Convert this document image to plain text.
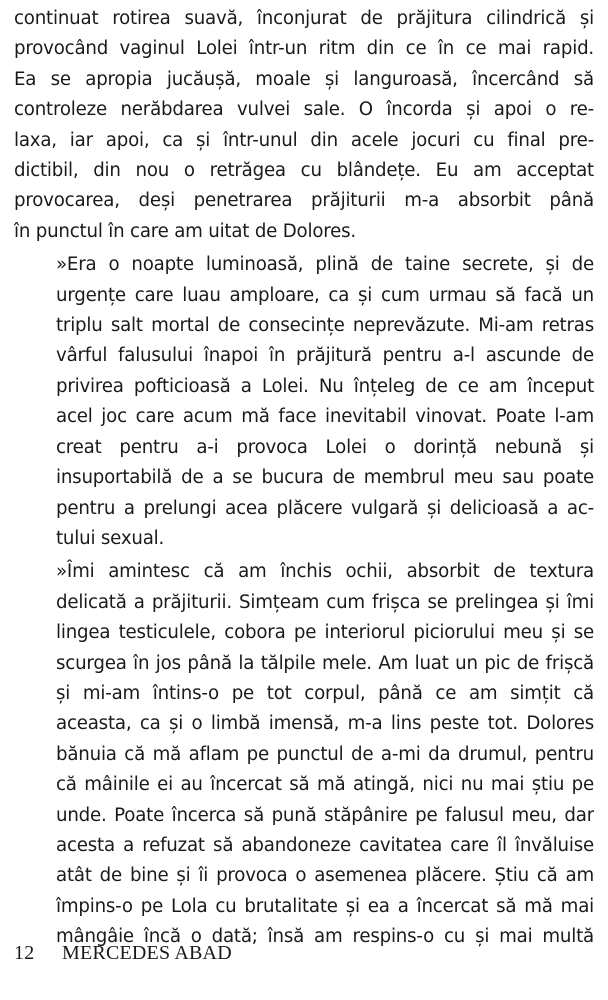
continuat rotirea suavă, înconjurat de prăjitura cilindrică și
provocând vaginul Lolei într-un ritm din ce în ce mai rapid.
Ea se apropia jucăușă, moale și languroasă, încercând să
controleze nerăbdarea vulvei sale. O încorda și apoi o re-
laxa, iar apoi, ca și într-unul din acele jocuri cu final pre-
dictibil, din nou o retrăgea cu blândețe. Eu am acceptat
provocarea, deși penetrarea prăjiturii m-a absorbit până
în punctul în care am uitat de Dolores.
»Era o noapte luminoasă, plină de taine secrete, și de
urgențe care luau amploare, ca și cum urmau să facă un
triplu salt mortal de consecințe neprevăzute. Mi-am retras
vârful falusului înapoi în prăjitură pentru a-l ascunde de
privirea pofticioasă a Lolei. Nu înțeleg de ce am început
acel joc care acum mă face inevitabil vinovat. Poate l-am
creat pentru a-i provoca Lolei o dorință nebună și
insuportabilă de a se bucura de membrul meu sau poate
pentru a prelungi acea plăcere vulgară și delicioasă a ac-
tului sexual.
»Îmi amintesc că am închis ochii, absorbit de textura
delicată a prăjiturii. Simțeam cum frișca se prelingea și îmi
lingea testiculele, cobora pe interiorul piciorului meu și se
scurgea în jos până la tălpile mele. Am luat un pic de frișcă
și mi-am întins-o pe tot corpul, până ce am simțit că
aceasta, ca și o limbă imensă, m-a lins peste tot. Dolores
bănuia că mă aflam pe punctul de a-mi da drumul, pentru
că mâinile ei au încercat să mă atingă, nici nu mai știu pe
unde. Poate încerca să pună stăpânire pe falusul meu, dar
acesta a refuzat să abandoneze cavitatea care îl învăluise
atât de bine și îi provoca o asemenea plăcere. Știu că am
împins-o pe Lola cu brutalitate și ea a încercat să mă mai
mângâie încă o dată; însă am respins-o cu și mai multă
12 MERCEDES ABAD
